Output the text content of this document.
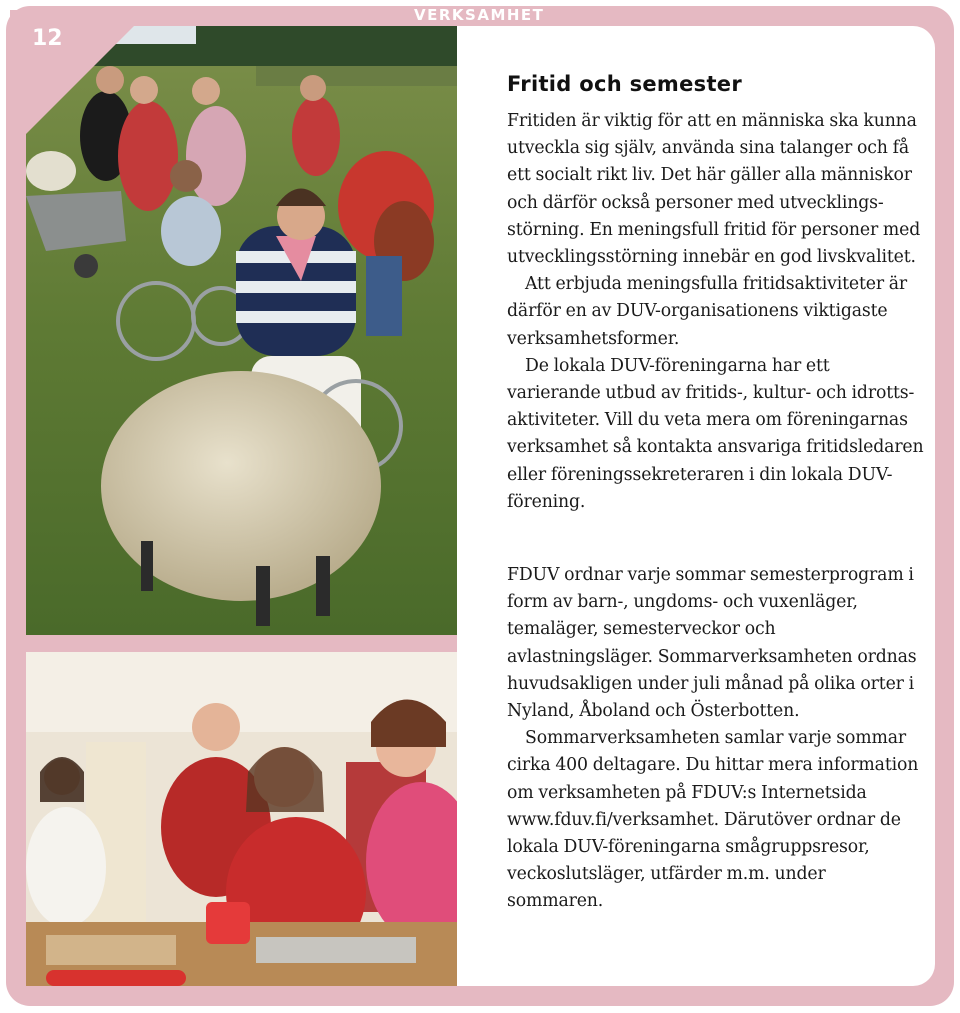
VERKSAMHET
12
Fritid och semester

Fritiden är viktig för att en människa ska kunna utveckla sig själv, använda sina talanger och få ett socialt rikt liv. Det här gäller alla människor och därför också personer med utvecklings-störning. En meningsfull fritid för personer med utvecklingsstörning innebär en god livskvalitet.

Att erbjuda meningsfulla fritidsaktiviteter är därför en av DUV-organisationens viktigaste verksamhetsformer.

De lokala DUV-föreningarna har ett varierande utbud av fritids-, kultur- och idrotts-aktiviteter. Vill du veta mera om föreningarnas verksamhet så kontakta ansvariga fritidsledaren eller föreningssekreteraren i din lokala DUV-förening.

FDUV ordnar varje sommar semesterprogram i form av barn-, ungdoms- och vuxenläger, temaläger, semesterveckor och avlastningsläger. Sommarverksamheten ordnas huvudsakligen under juli månad på olika orter i Nyland, Åboland och Österbotten.

Sommarverksamheten samlar varje sommar cirka 400 deltagare. Du hittar mera information om verksamheten på FDUV:s Internetsida www.fduv.fi/verksamhet. Därutöver ordnar de lokala DUV-föreningarna smågruppsresor, veckoslutsläger, utfärder m.m. under sommaren.
